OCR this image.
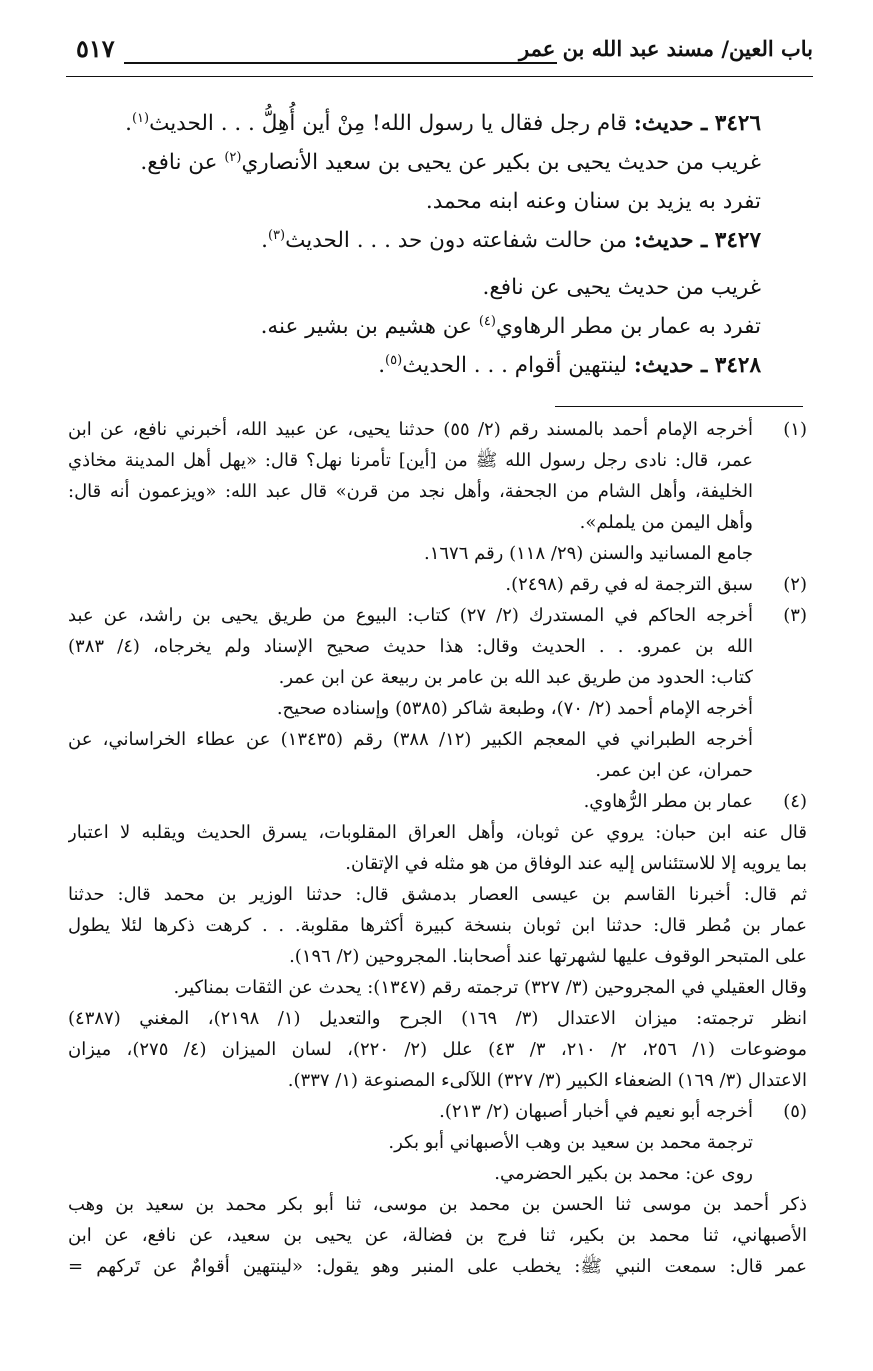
باب العين/ مسند عبد الله بن عمر
٥١٧
٣٤٢٦ ـ حديث: قام رجل فقال يا رسول الله! مِنْ أين أُهِلُّ . . . الحديث$^{(١)}$.
غريب من حديث يحيى بن بكير عن يحيى بن سعيد الأنصاري$^{(٢)}$ عن نافع.
تفرد به يزيد بن سنان وعنه ابنه محمد.
٣٤٢٧ ـ حديث: من حالت شفاعته دون حد . . . الحديث$^{(٣)}$.
غريب من حديث يحيى عن نافع.
تفرد به عمار بن مطر الرهاوي$^{(٤)}$ عن هشيم بن بشير عنه.
٣٤٢٨ ـ حديث: لينتهين أقوام . . . الحديث$^{(٥)}$.
(١)
أخرجه الإمام أحمد بالمسند رقم (٢/ ٥٥) حدثنا يحيى، عن عبيد الله، أخبرني نافع، عن ابن
عمر، قال: نادى رجل رسول الله ﷺ من [أين] تأمرنا نهل؟ قال: «يهل أهل المدينة مخاذي
الخليفة، وأهل الشام من الجحفة، وأهل نجد من قرن» قال عبد الله: «ويزعمون أنه قال:
وأهل اليمن من يلملم».
جامع المسانيد والسنن (٢٩/ ١١٨) رقم ١٦٧٦.
(٢)
سبق الترجمة له في رقم (٢٤٩٨).
(٣)
أخرجه الحاكم في المستدرك (٢/ ٢٧) كتاب: البيوع من طريق يحيى بن راشد، عن عبد
الله بن عمرو. . . الحديث وقال: هذا حديث صحيح الإسناد ولم يخرجاه، (٤/ ٣٨٣)
كتاب: الحدود من طريق عبد الله بن عامر بن ربيعة عن ابن عمر.
أخرجه الإمام أحمد (٢/ ٧٠)، وطبعة شاكر (٥٣٨٥) وإسناده صحيح.
أخرجه الطبراني في المعجم الكبير (١٢/ ٣٨٨) رقم (١٣٤٣٥) عن عطاء الخراساني، عن
حمران، عن ابن عمر.
(٤)
عمار بن مطر الرُّهاوي.
قال عنه ابن حبان: يروي عن ثوبان، وأهل العراق المقلوبات، يسرق الحديث ويقلبه لا اعتبار
بما يرويه إلا للاستئناس إليه عند الوفاق من هو مثله في الإتقان.
ثم قال: أخبرنا القاسم بن عيسى العصار بدمشق قال: حدثنا الوزير بن محمد قال: حدثنا
عمار بن مُطر قال: حدثنا ابن ثوبان بنسخة كبيرة أكثرها مقلوبة. . . كرهت ذكرها لئلا يطول
على المتبحر الوقوف عليها لشهرتها عند أصحابنا. المجروحين (٢/ ١٩٦).
وقال العقيلي في المجروحين (٣/ ٣٢٧) ترجمته رقم (١٣٤٧): يحدث عن الثقات بمناكير.
انظر ترجمته: ميزان الاعتدال (٣/ ١٦٩) الجرح والتعديل (١/ ٢١٩٨)، المغني (٤٣٨٧)
موضوعات (١/ ٢٥٦، ٢/ ٢١٠، ٣/ ٤٣) علل (٢/ ٢٢٠)، لسان الميزان (٤/ ٢٧٥)، ميزان
الاعتدال (٣/ ١٦٩) الضعفاء الكبير (٣/ ٣٢٧) اللآلىء المصنوعة (١/ ٣٣٧).
(٥)
أخرجه أبو نعيم في أخبار أصبهان (٢/ ٢١٣).
ترجمة محمد بن سعيد بن وهب الأصبهاني أبو بكر.
روى عن: محمد بن بكير الحضرمي.
ذكر أحمد بن موسى ثنا الحسن بن محمد بن موسى، ثنا أبو بكر محمد بن سعيد بن وهب
الأصبهاني، ثنا محمد بن بكير، ثنا فرج بن فضالة، عن يحيى بن سعيد، عن نافع، عن ابن
عمر قال: سمعت النبي ﷺ: يخطب على المنبر وهو يقول: «لينتهين أقوامٌ عن تَركهم =
